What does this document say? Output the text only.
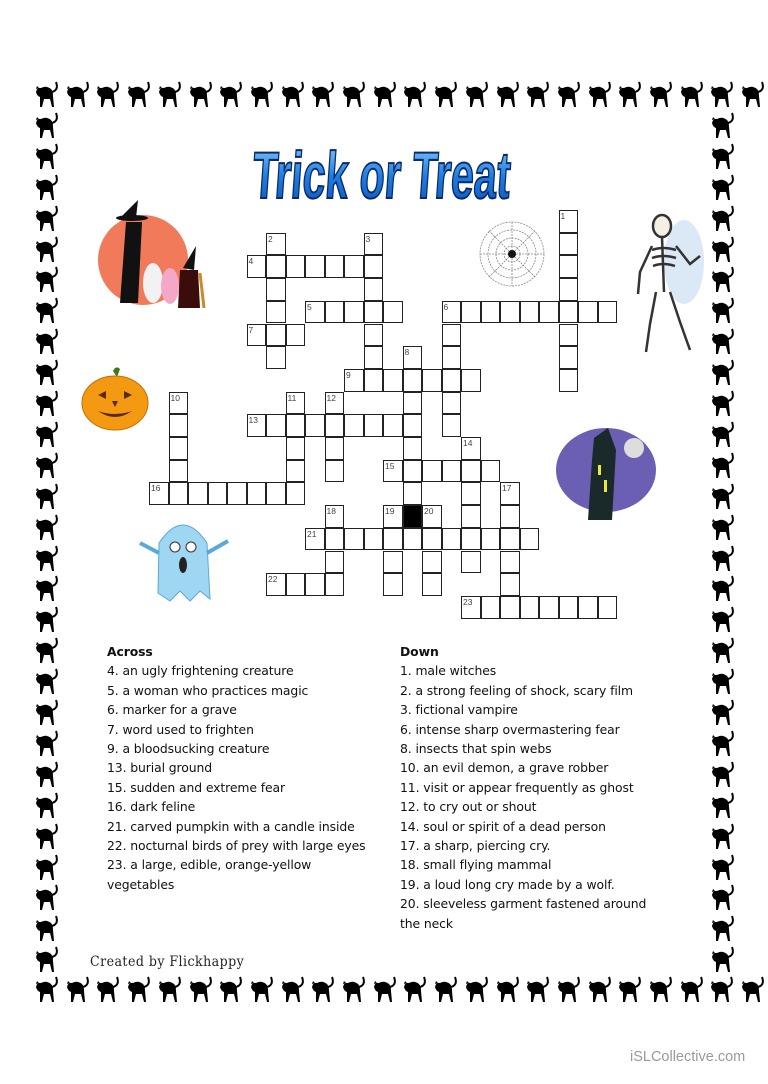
Trick or Treat
1
2	3
4
5	6
7
8
9
10	11	12
13
14
15
16	17
18	19	20
21
22
23
Across
4. an ugly frightening creature
5. a woman who practices magic
6. marker for a grave
7. word used to frighten
9. a bloodsucking creature
13. burial ground
15. sudden and extreme fear
16. dark feline
21. carved pumpkin with a candle inside
22. nocturnal birds of prey with large eyes
23. a large, edible, orange-yellow
vegetables
Down
1. male witches
2. a strong feeling of shock, scary film
3. fictional vampire
6. intense sharp overmastering fear
8. insects that spin webs
10. an evil demon, a grave robber
11. visit or appear frequently as ghost
12. to cry out or shout
14. soul or spirit of a dead person
17. a sharp, piercing cry.
18. small flying mammal
19. a loud long cry made by a wolf.
20. sleeveless garment fastened around
the neck
Created by Flickhappy
iSLCollective.com
